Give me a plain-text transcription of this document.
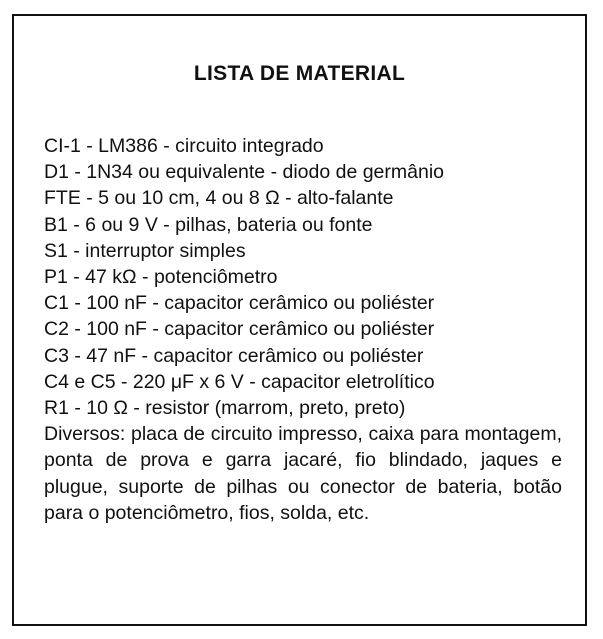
LISTA DE MATERIAL
CI-1 - LM386 - circuito integrado
D1 - 1N34 ou equivalente - diodo de germânio
FTE - 5 ou 10 cm, 4 ou 8 Ω - alto-falante
B1 - 6 ou 9 V - pilhas, bateria ou fonte
S1 - interruptor simples
P1 - 47 kΩ - potenciômetro
C1 - 100 nF - capacitor cerâmico ou poliéster
C2 - 100 nF - capacitor cerâmico ou poliéster
C3 - 47 nF - capacitor cerâmico ou poliéster
C4 e C5 - 220 μF x 6 V - capacitor eletrolítico
R1 - 10 Ω - resistor (marrom, preto, preto)
Diversos: placa de circuito impresso, caixa para montagem, ponta de prova e garra jacaré, fio blindado, jaques e plugue, suporte de pilhas ou conector de bateria, botão para o potenciômetro, fios, solda, etc.
